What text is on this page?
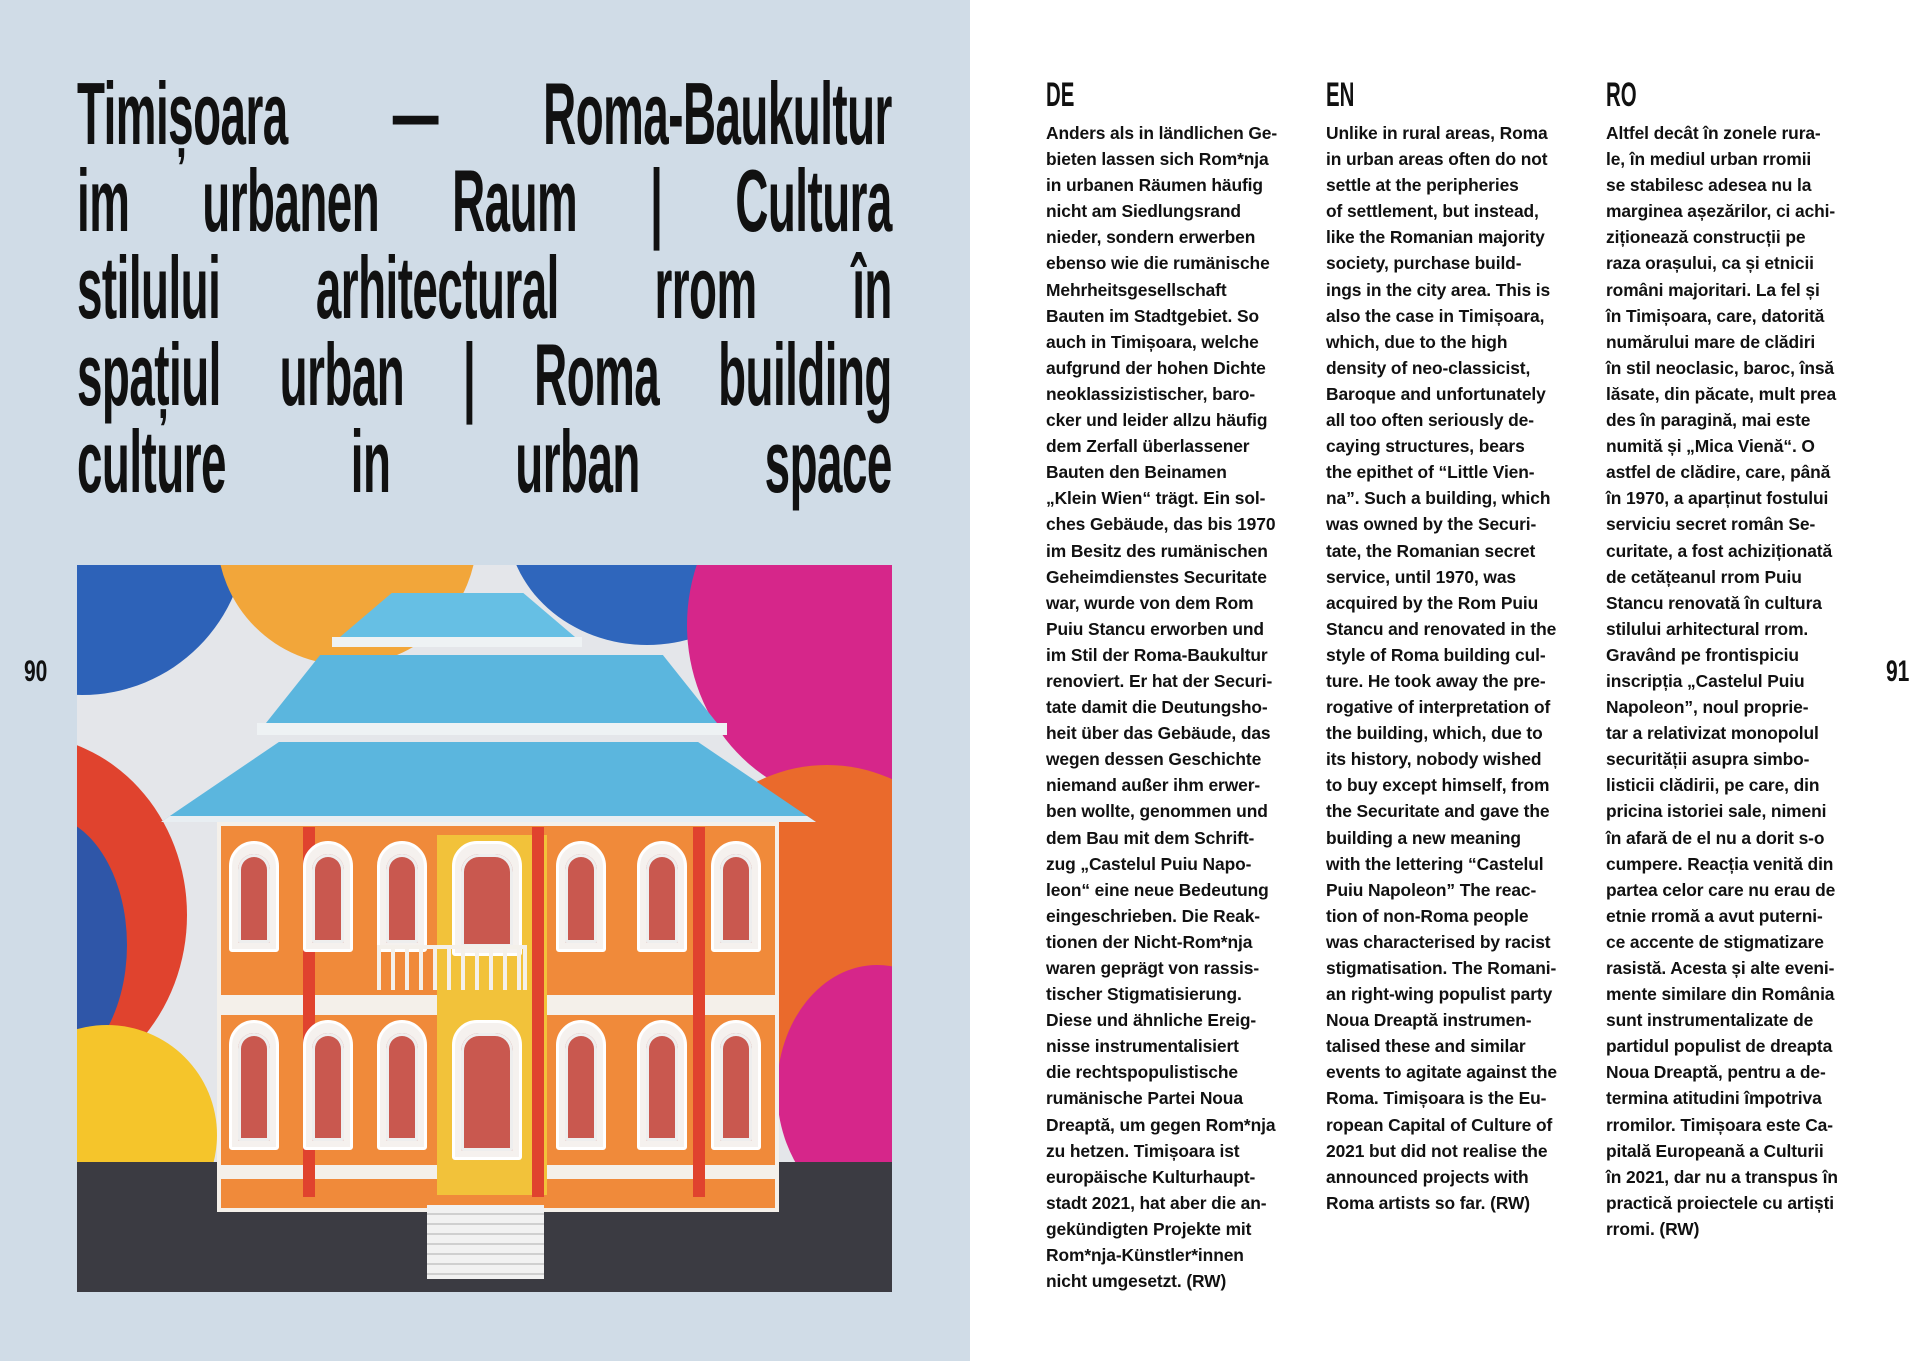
Timișoara — Roma-Baukultur
im urbanen Raum | Cultura
stilului arhitectural rrom în
spațiul urban | Roma building
culture in urban space
90
DE
Anders als in ländlichen Ge-
bieten lassen sich Rom*nja
in urbanen Räumen häufig
nicht am Siedlungsrand
nieder, sondern erwerben
ebenso wie die rumänische
Mehrheitsgesellschaft
Bauten im Stadtgebiet. So
auch in Timișoara, welche
aufgrund der hohen Dichte
neoklassizistischer, baro-
cker und leider allzu häufig
dem Zerfall überlassener
Bauten den Beinamen
„Klein Wien“ trägt. Ein sol-
ches Gebäude, das bis 1970
im Besitz des rumänischen
Geheimdienstes Securitate
war, wurde von dem Rom
Puiu Stancu erworben und
im Stil der Roma-Baukultur
renoviert. Er hat der Securi-
tate damit die Deutungsho-
heit über das Gebäude, das
wegen dessen Geschichte
niemand außer ihm erwer-
ben wollte, genommen und
dem Bau mit dem Schrift-
zug „Castelul Puiu Napo-
leon“ eine neue Bedeutung
eingeschrieben. Die Reak-
tionen der Nicht-Rom*nja
waren geprägt von rassis-
tischer Stigmatisierung.
Diese und ähnliche Ereig-
nisse instrumentalisiert
die rechtspopulistische
rumänische Partei Noua
Dreaptă, um gegen Rom*nja
zu hetzen. Timișoara ist
europäische Kulturhaupt-
stadt 2021, hat aber die an-
gekündigten Projekte mit
Rom*nja-Künstler*innen
nicht umgesetzt. (RW)
EN
Unlike in rural areas, Roma
in urban areas often do not
settle at the peripheries
of settlement, but instead,
like the Romanian majority
society, purchase build-
ings in the city area. This is
also the case in Timișoara,
which, due to the high
density of neo-classicist,
Baroque and unfortunately
all too often seriously de-
caying structures, bears
the epithet of “Little Vien-
na”. Such a building, which
was owned by the Securi-
tate, the Romanian secret
service, until 1970, was
acquired by the Rom Puiu
Stancu and renovated in the
style of Roma building cul-
ture. He took away the pre-
rogative of interpretation of
the building, which, due to
its history, nobody wished
to buy except himself, from
the Securitate and gave the
building a new meaning
with the lettering “Castelul
Puiu Napoleon” The reac-
tion of non-Roma people
was characterised by racist
stigmatisation. The Romani-
an right-wing populist party
Noua Dreaptă instrumen-
talised these and similar
events to agitate against the
Roma. Timișoara is the Eu-
ropean Capital of Culture of
2021 but did not realise the
announced projects with
Roma artists so far. (RW)
RO
Altfel decât în zonele rura-
le, în mediul urban rromii
se stabilesc adesea nu la
marginea așezărilor, ci achi-
ziționează construcții pe
raza orașului, ca și etnicii
români majoritari. La fel și
în Timișoara, care, datorită
numărului mare de clădiri
în stil neoclasic, baroc, însă
lăsate, din păcate, mult prea
des în paragină, mai este
numită și „Mica Vienă“. O
astfel de clădire, care, până
în 1970, a aparținut fostului
serviciu secret român Se-
curitate, a fost achiziționată
de cetățeanul rrom Puiu
Stancu renovată în cultura
stilului arhitectural rrom.
Gravând pe frontispiciu
inscripția „Castelul Puiu
Napoleon”, noul proprie-
tar a relativizat monopolul
securității asupra simbo-
listicii clădirii, pe care, din
pricina istoriei sale, nimeni
în afară de el nu a dorit s-o
cumpere. Reacția venită din
partea celor care nu erau de
etnie rromă a avut puterni-
ce accente de stigmatizare
rasistă. Acesta și alte eveni-
mente similare din România
sunt instrumentalizate de
partidul populist de dreapta
Noua Dreaptă, pentru a de-
termina atitudini împotriva
rromilor. Timișoara este Ca-
pitală Europeană a Culturii
în 2021, dar nu a transpus în
practică proiectele cu artiști
rromi. (RW)
91
